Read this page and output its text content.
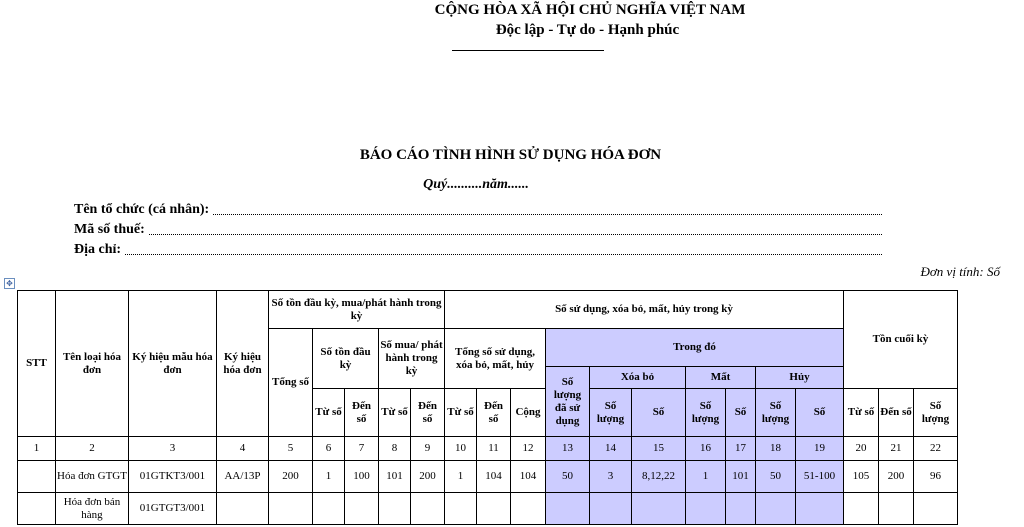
CỘNG HÒA XÃ HỘI CHỦ NGHĨA VIỆT NAM
Độc lập - Tự do - Hạnh phúc
BÁO CÁO TÌNH HÌNH SỬ DỤNG HÓA ĐƠN
Quý..........năm......
Tên tổ chức (cá nhân):
Mã số thuế:
Địa chỉ:
Đơn vị tính: Số
✥
STT	Tên loại hóa đơn	Ký hiệu mẫu hóa đơn	Ký hiệu hóa đơn	Số tồn đầu kỳ, mua/phát hành trong kỳ					Số sử dụng, xóa bỏ, mất, hủy trong kỳ										Tồn cuối kỳ		
				Tổng số	Số tồn đầu kỳ		Số mua/ phát hành trong kỳ		Tổng số sử dụng, xóa bỏ, mất, hủy			Trong đó									
												Số lượng đã sử dụng	Xóa bỏ		Mất		Hủy				
					Từ số	Đến số	Từ số	Đến số	Từ số	Đến số	Cộng		Số lượng	Số	Số lượng	Số	Số lượng	Số	Từ số	Đến số	Số lượng
1	2	3	4	5	6	7	8	9	10	11	12	13	14	15	16	17	18	19	20	21	22
	Hóa đơn GTGT	01GTKT3/001	AA/13P	200	1	100	101	200	1	104	104	50	3	8,12,22	1	101	50	51-100	105	200	96
	Hóa đơn bán hàng	01GTGT3/001																			
